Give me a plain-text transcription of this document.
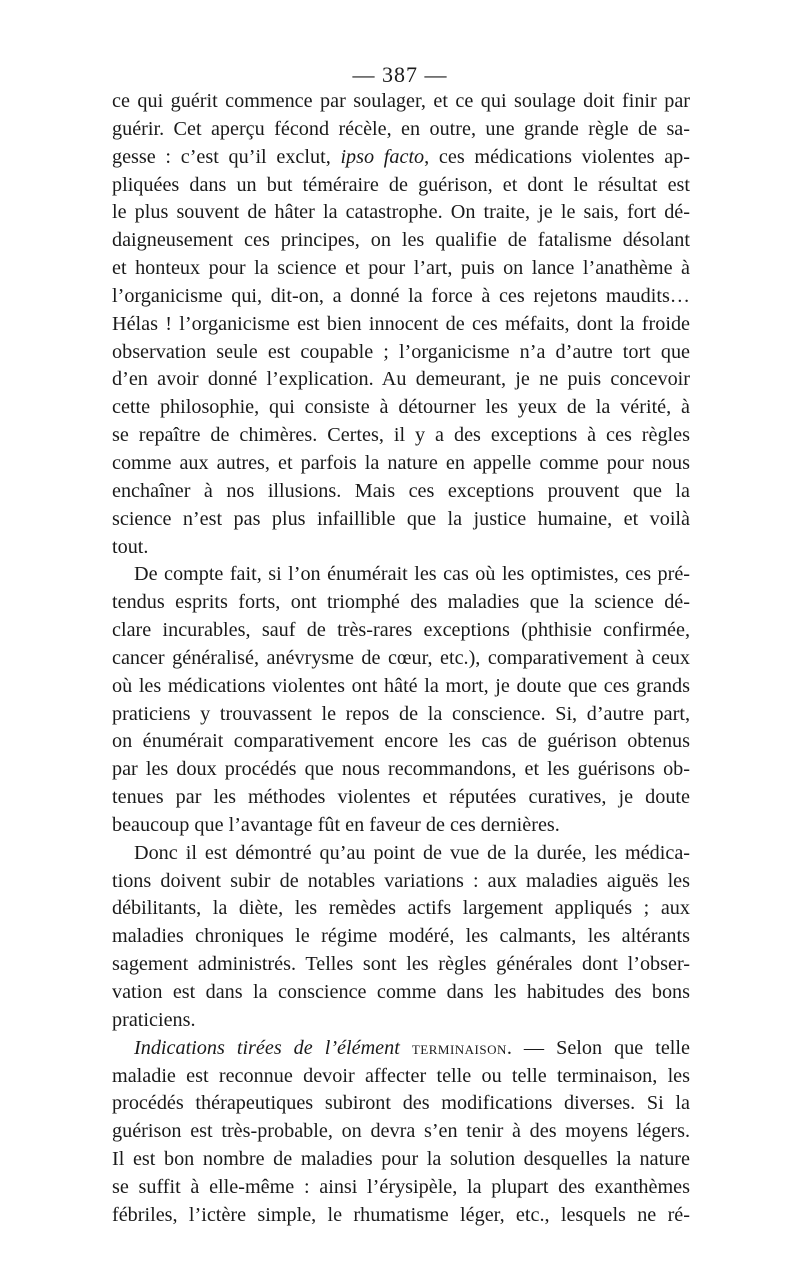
— 387 —
ce qui guérit commence par soulager, et ce qui soulage doit finir par
guérir. Cet aperçu fécond récèle, en outre, une grande règle de sa-
gesse : c’est qu’il exclut, ipso facto, ces médications violentes ap-
pliquées dans un but téméraire de guérison, et dont le résultat est
le plus souvent de hâter la catastrophe. On traite, je le sais, fort dé-
daigneusement ces principes, on les qualifie de fatalisme désolant
et honteux pour la science et pour l’art, puis on lance l’anathème à
l’organicisme qui, dit-on, a donné la force à ces rejetons maudits…
Hélas ! l’organicisme est bien innocent de ces méfaits, dont la froide
observation seule est coupable ; l’organicisme n’a d’autre tort que
d’en avoir donné l’explication. Au demeurant, je ne puis concevoir
cette philosophie, qui consiste à détourner les yeux de la vérité, à
se repaître de chimères. Certes, il y a des exceptions à ces règles
comme aux autres, et parfois la nature en appelle comme pour nous
enchaîner à nos illusions. Mais ces exceptions prouvent que la
science n’est pas plus infaillible que la justice humaine, et voilà
tout.
De compte fait, si l’on énumérait les cas où les optimistes, ces pré-
tendus esprits forts, ont triomphé des maladies que la science dé-
clare incurables, sauf de très-rares exceptions (phthisie confirmée,
cancer généralisé, anévrysme de cœur, etc.), comparativement à ceux
où les médications violentes ont hâté la mort, je doute que ces grands
praticiens y trouvassent le repos de la conscience. Si, d’autre part,
on énumérait comparativement encore les cas de guérison obtenus
par les doux procédés que nous recommandons, et les guérisons ob-
tenues par les méthodes violentes et réputées curatives, je doute
beaucoup que l’avantage fût en faveur de ces dernières.
Donc il est démontré qu’au point de vue de la durée, les médica-
tions doivent subir de notables variations : aux maladies aiguës les
débilitants, la diète, les remèdes actifs largement appliqués ; aux
maladies chroniques le régime modéré, les calmants, les altérants
sagement administrés. Telles sont les règles générales dont l’obser-
vation est dans la conscience comme dans les habitudes des bons
praticiens.
Indications tirées de l’élément terminaison. — Selon que telle
maladie est reconnue devoir affecter telle ou telle terminaison, les
procédés thérapeutiques subiront des modifications diverses. Si la
guérison est très-probable, on devra s’en tenir à des moyens légers.
Il est bon nombre de maladies pour la solution desquelles la nature
se suffit à elle-même : ainsi l’érysipèle, la plupart des exanthèmes
fébriles, l’ictère simple, le rhumatisme léger, etc., lesquels ne ré-
